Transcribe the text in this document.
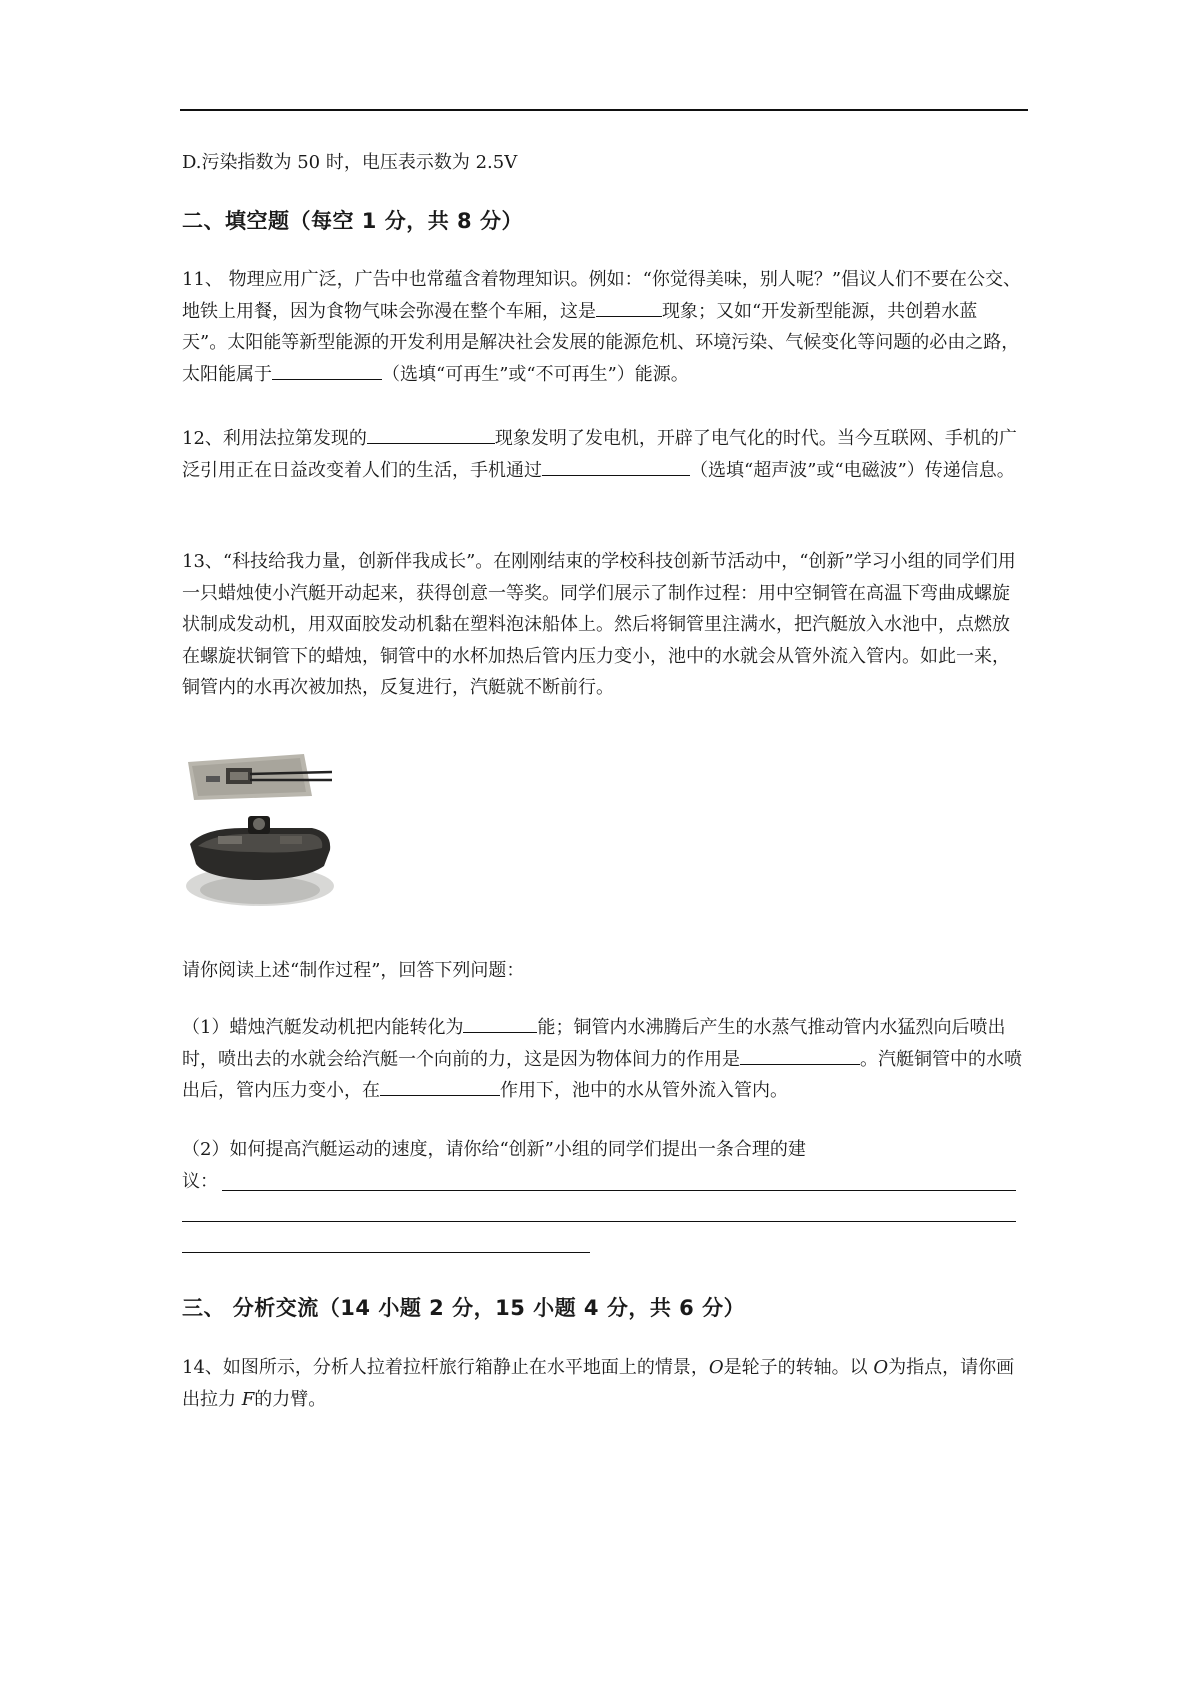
D.污染指数为 50 时，电压表示数为 2.5V
二、填空题（每空 1 分，共 8 分）

11、 物理应用广泛，广告中也常蕴含着物理知识。例如：“你觉得美味，别人呢？”倡议人们不要在公交、地铁上用餐，因为食物气味会弥漫在整个车厢，这是	现象；又如“开发新型能源，共创碧水蓝天”。太阳能等新型能源的开发利用是解决社会发展的能源危机、环境污染、气候变化等问题的必由之路，太阳能属于	（选填“可再生”或“不可再生”）能源。

12、利用法拉第发现的	现象发明了发电机，开辟了电气化的时代。当今互联网、手机的广泛引用正在日益改变着人们的生活，手机通过	（选填“超声波”或“电磁波”）传递信息。

13、“科技给我力量，创新伴我成长”。在刚刚结束的学校科技创新节活动中，“创新”学习小组的同学们用一只蜡烛使小汽艇开动起来，获得创意一等奖。同学们展示了制作过程：用中空铜管在高温下弯曲成螺旋状制成发动机，用双面胶发动机黏在塑料泡沫船体上。然后将铜管里注满水，把汽艇放入水池中，点燃放在螺旋状铜管下的蜡烛，铜管中的水杯加热后管内压力变小，池中的水就会从管外流入管内。如此一来，铜管内的水再次被加热，反复进行，汽艇就不断前行。
请你阅读上述“制作过程”，回答下列问题：

（1）蜡烛汽艇发动机把内能转化为	能；铜管内水沸腾后产生的水蒸气推动管内水猛烈向后喷出时，喷出去的水就会给汽艇一个向前的力，这是因为物体间力的作用是	。汽艇铜管中的水喷出后，管内压力变小，在	作用下，池中的水从管外流入管内。

（2）如何提高汽艇运动的速度，请你给“创新”小组的同学们提出一条合理的建
议：
三、 分析交流（14 小题 2 分，15 小题 4 分，共 6 分）

14、如图所示，分析人拉着拉杆旅行箱静止在水平地面上的情景，O是轮子的转轴。以 O为指点，请你画出拉力 F的力臂。
